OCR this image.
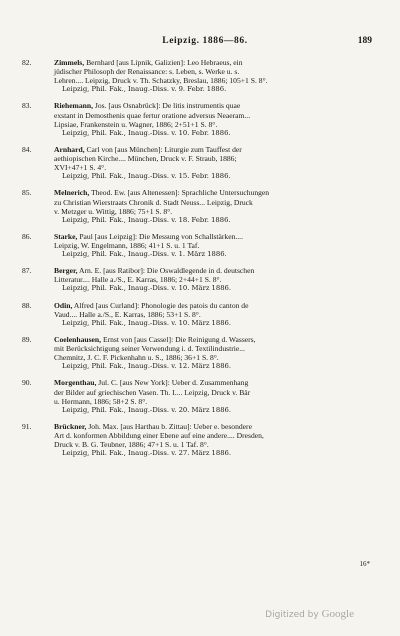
Leipzig. 1886—86.	189
82.	Zimmels, Bernhard [aus Lipnik, Galizien]: Leo Hebraeus, ein
jüdischer Philosoph der Renaissance: s. Leben, s. Werke u. s.
Lehren.... Leipzig, Druck v. Th. Schatzky, Breslau, 1886; 105+1 S. 8°.
Leipzig, Phil. Fak., Inaug.-Diss. v. 9. Febr. 1886.
83.	Riehemann, Jos. [aus Osnabrück]: De litis instrumentis quae
exstant in Demosthenis quae fertur oratione adversus Neaeram...
Lipsiae, Frankenstein u. Wagner, 1886; 2+51+1 S. 8°.
Leipzig, Phil. Fak., Inaug.-Diss. v. 10. Febr. 1886.
84.	Arnhard, Carl von [aus München]: Liturgie zum Tauffest der
aethiopischen Kirche.... München, Druck v. F. Straub, 1886;
XVI+47+1 S. 4°.
Leipzig, Phil. Fak., Inaug.-Diss. v. 15. Febr. 1886.
85.	Melnerich, Theod. Ew. [aus Altenessen]: Sprachliche Untersuchungen
zu Christian Wierstraats Chronik d. Stadt Neuss... Leipzig, Druck
v. Metzger u. Wittig, 1886; 75+1 S. 8°.
Leipzig, Phil. Fak., Inaug.-Diss. v. 18. Febr. 1886.
86.	Starke, Paul [aus Leipzig]: Die Messung von Schallstärken....
Leipzig, W. Engelmann, 1886; 41+1 S. u. 1 Taf.
Leipzig, Phil. Fak., Inaug.-Diss. v. 1. März 1886.
87.	Berger, Arn. E. [aus Ratibor]: Die Oswaldlegende in d. deutschen
Litteratur.... Halle a./S., E. Karras, 1886; 2+44+1 S. 8°.
Leipzig, Phil. Fak., Inaug.-Diss. v. 10. März 1886.
88.	Odin, Alfred [aus Curland]: Phonologie des patois du canton de
Vaud.... Halle a./S., E. Karras, 1886; 53+1 S. 8°.
Leipzig, Phil. Fak., Inaug.-Diss. v. 10. März 1886.
89.	Coelenhausen, Ernst von [aus Cassel]: Die Reinigung d. Wassers,
mit Berücksichtigung seiner Verwendung i. d. Textilindustrie...
Chemnitz, J. C. F. Pickenhahn u. S., 1886; 36+1 S. 8°.
Leipzig, Phil. Fak., Inaug.-Diss. v. 12. März 1886.
90.	Morgenthau, Jul. C. [aus New York]: Ueber d. Zusammenhang
der Bilder auf griechischen Vasen. Th. I.... Leipzig, Druck v. Bär
u. Hermann, 1886; 58+2 S. 8°.
Leipzig, Phil. Fak., Inaug.-Diss. v. 20. März 1886.
91.	Brückner, Joh. Max. [aus Harthau b. Zittau]: Ueber e. besondere
Art d. konformen Abbildung einer Ebene auf eine andere.... Dresden,
Druck v. B. G. Teubner, 1886; 47+1 S. u. 1 Taf. 8°.
Leipzig, Phil. Fak., Inaug.-Diss. v. 27. März 1886.
16*
Digitized by Google
